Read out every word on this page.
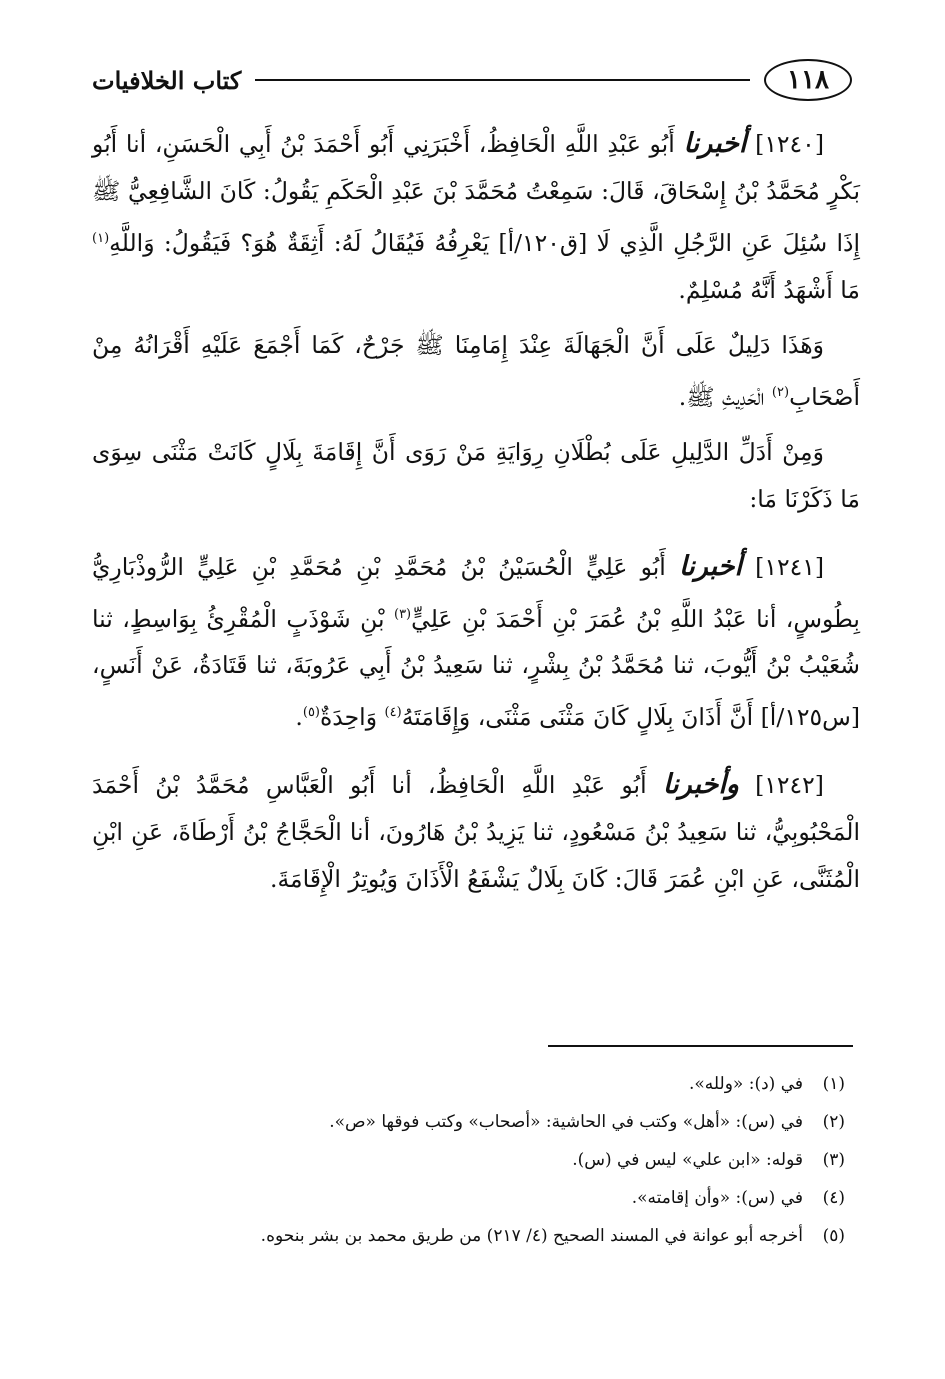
١١٨
كتاب الخلافيات

[١٢٤٠] أخبرنا أَبُو عَبْدِ اللَّهِ الْحَافِظُ، أَخْبَرَنِي أَبُو أَحْمَدَ بْنُ أَبِي الْحَسَنِ، أنا أَبُو بَكْرٍ مُحَمَّدُ بْنُ إِسْحَاقَ، قَالَ: سَمِعْتُ مُحَمَّدَ بْنَ عَبْدِ الْحَكَمِ يَقُولُ: كَانَ الشَّافِعِيُّ ﷺ إِذَا سُئِلَ عَنِ الرَّجُلِ الَّذِي لَا [ق١٢٠/أ] يَعْرِفُهُ فَيُقَالُ لَهُ: أَثِقَةٌ هُوَ؟ فَيَقُولُ: وَاللَّهِ$^{(١)}$ مَا أَشْهَدُ أَنَّهُ مُسْلِمٌ.

وَهَذَا دَلِيلٌ عَلَى أَنَّ الْجَهَالَةَ عِنْدَ إِمَامِنَا ﷺ جَرْحٌ، كَمَا أَجْمَعَ عَلَيْهِ أَقْرَانُهُ مِنْ أَصْحَابِ$^{(٢)}$ الْحَدِيثِ ﷺ.

وَمِنْ أَدَلِّ الدَّلِيلِ عَلَى بُطْلَانِ رِوَايَةِ مَنْ رَوَى أَنَّ إِقَامَةَ بِلَالٍ كَانَتْ مَثْنَى سِوَى مَا ذَكَرْنَا مَا:

[١٢٤١] أخبرنا أَبُو عَلِيٍّ الْحُسَيْنُ بْنُ مُحَمَّدِ بْنِ مُحَمَّدِ بْنِ عَلِيٍّ الرُّوذْبَارِيُّ بِطُوسٍ، أنا عَبْدُ اللَّهِ بْنُ عُمَرَ بْنِ أَحْمَدَ بْنِ عَلِيٍّ$^{(٣)}$ بْنِ شَوْذَبٍ الْمُقْرِئُ بِوَاسِطٍ، ثنا شُعَيْبُ بْنُ أَيُّوبَ، ثنا مُحَمَّدُ بْنُ بِشْرٍ، ثنا سَعِيدُ بْنُ أَبِي عَرُوبَةَ، ثنا قَتَادَةُ، عَنْ أَنَسٍ، [س١٢٥/أ] أَنَّ أَذَانَ بِلَالٍ كَانَ مَثْنَى مَثْنَى، وَإِقَامَتَهُ$^{(٤)}$ وَاحِدَةٌ$^{(٥)}$.

[١٢٤٢] وأخبرنا أَبُو عَبْدِ اللَّهِ الْحَافِظُ، أنا أَبُو الْعَبَّاسِ مُحَمَّدُ بْنُ أَحْمَدَ الْمَحْبُوبِيُّ، ثنا سَعِيدُ بْنُ مَسْعُودٍ، ثنا يَزِيدُ بْنُ هَارُونَ، أنا الْحَجَّاجُ بْنُ أَرْطَاةَ، عَنِ ابْنِ الْمُثَنَّى، عَنِ ابْنِ عُمَرَ قَالَ: كَانَ بِلَالٌ يَشْفَعُ الْأَذَانَ وَيُوتِرُ الْإِقَامَةَ.

(١)
في (د): «ولله».
(٢)
في (س): «أهل» وكتب في الحاشية: «أصحاب» وكتب فوقها «ص».
(٣)
قوله: «ابن علي» ليس في (س).
(٤)
في (س): «وأن إقامته».
(٥)
أخرجه أبو عوانة في المسند الصحيح (٤/ ٢١٧) من طريق محمد بن بشر بنحوه.
